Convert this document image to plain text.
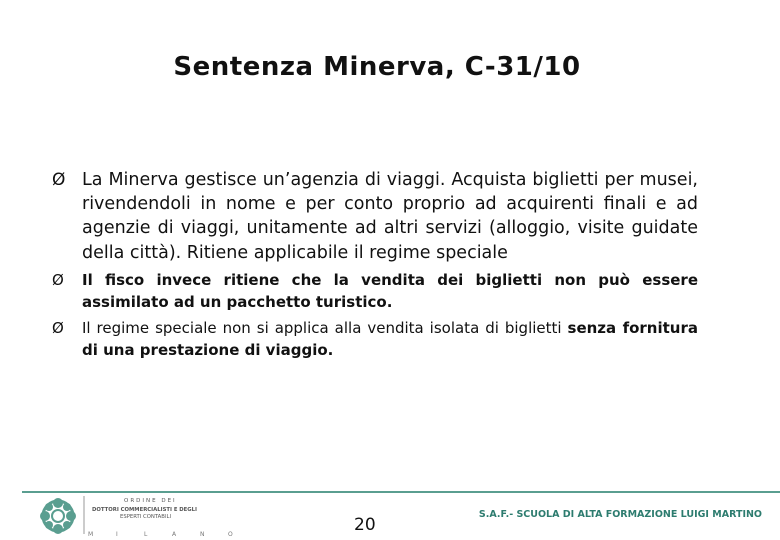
Sentenza Minerva, C-31/10
Ø La Minerva gestisce un’agenzia di viaggi. Acquista biglietti per musei, rivendendoli in nome e per conto proprio ad acquirenti finali e ad agenzie di viaggi, unitamente ad altri servizi (alloggio, visite guidate della città). Ritiene applicabile il regime speciale
Ø Il fisco invece ritiene che la vendita dei biglietti non può essere assimilato ad un pacchetto turistico.
Ø Il regime speciale non si applica alla vendita isolata di biglietti senza fornitura di una prestazione di viaggio.
ORDINE DEI
DOTTORI COMMERCIALISTI E DEGLI
ESPERTI CONTABILI
M	I	L	A	N	O	20
S.A.F.- SCUOLA DI ALTA FORMAZIONE LUIGI MARTINO
